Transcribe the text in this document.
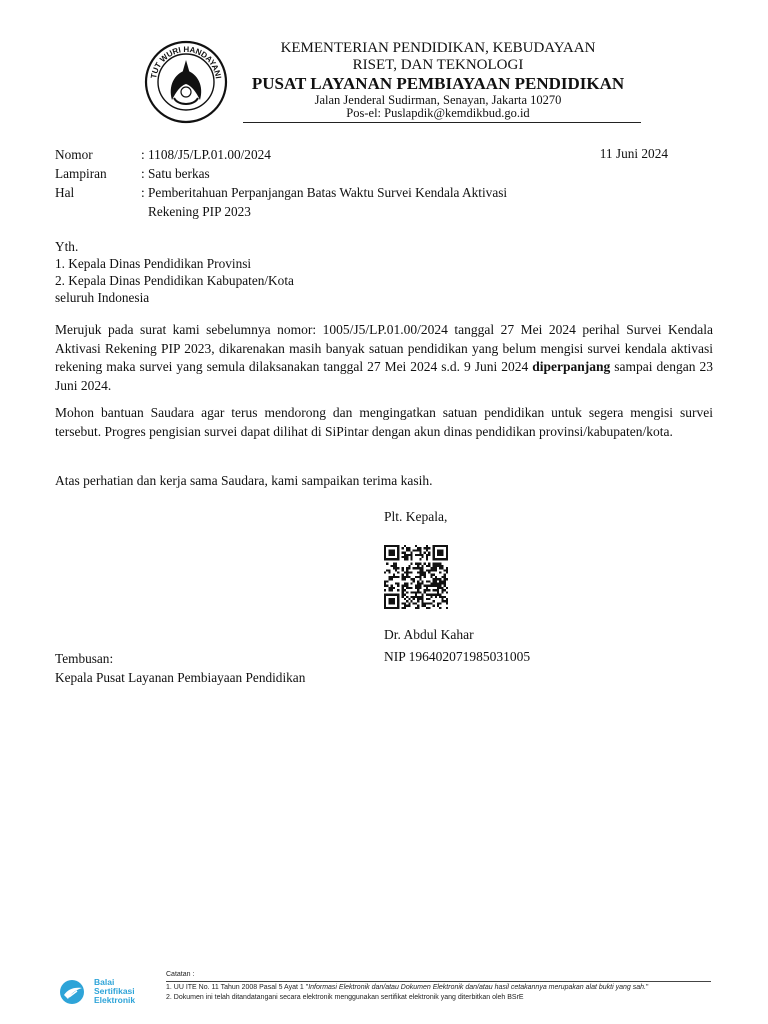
TUT WURI HANDAYANI
KEMENTERIAN PENDIDIKAN, KEBUDAYAAN
RISET, DAN TEKNOLOGI
PUSAT LAYANAN PEMBIAYAAN PENDIDIKAN
Jalan Jenderal Sudirman, Senayan, Jakarta 10270
Pos-el: Puslapdik@kemdikbud.go.id
Nomor	: 1108/J5/LP.01.00/2024	11 Juni 2024
Lampiran	: Satu berkas
Hal	: Pemberitahuan Perpanjangan Batas Waktu Survei Kendala Aktivasi
Rekening PIP 2023
Yth.
1. Kepala Dinas Pendidikan Provinsi
2. Kepala Dinas Pendidikan Kabupaten/Kota
seluruh Indonesia
Merujuk pada surat kami sebelumnya nomor: 1005/J5/LP.01.00/2024 tanggal 27 Mei 2024 perihal Survei Kendala Aktivasi Rekening PIP 2023, dikarenakan masih banyak satuan pendidikan yang belum mengisi survei kendala aktivasi rekening maka survei yang semula dilaksanakan tanggal 27 Mei 2024 s.d. 9 Juni 2024 diperpanjang sampai dengan 23 Juni 2024.
Mohon bantuan Saudara agar terus mendorong dan mengingatkan satuan pendidikan untuk segera mengisi survei tersebut. Progres pengisian survei dapat dilihat di SiPintar dengan akun dinas pendidikan provinsi/kabupaten/kota.
Atas perhatian dan kerja sama Saudara, kami sampaikan terima kasih.
Plt. Kepala,
Dr. Abdul Kahar
NIP 196402071985031005
Tembusan:
Kepala Pusat Layanan Pembiayaan Pendidikan
Balai
Sertifikasi
Elektronik
Catatan :
1. UU ITE No. 11 Tahun 2008 Pasal 5 Ayat 1 "Informasi Elektronik dan/atau Dokumen Elektronik dan/atau hasil cetakannya merupakan alat bukti yang sah."
2. Dokumen ini telah ditandatangani secara elektronik menggunakan sertifikat elektronik yang diterbitkan oleh BSrE
